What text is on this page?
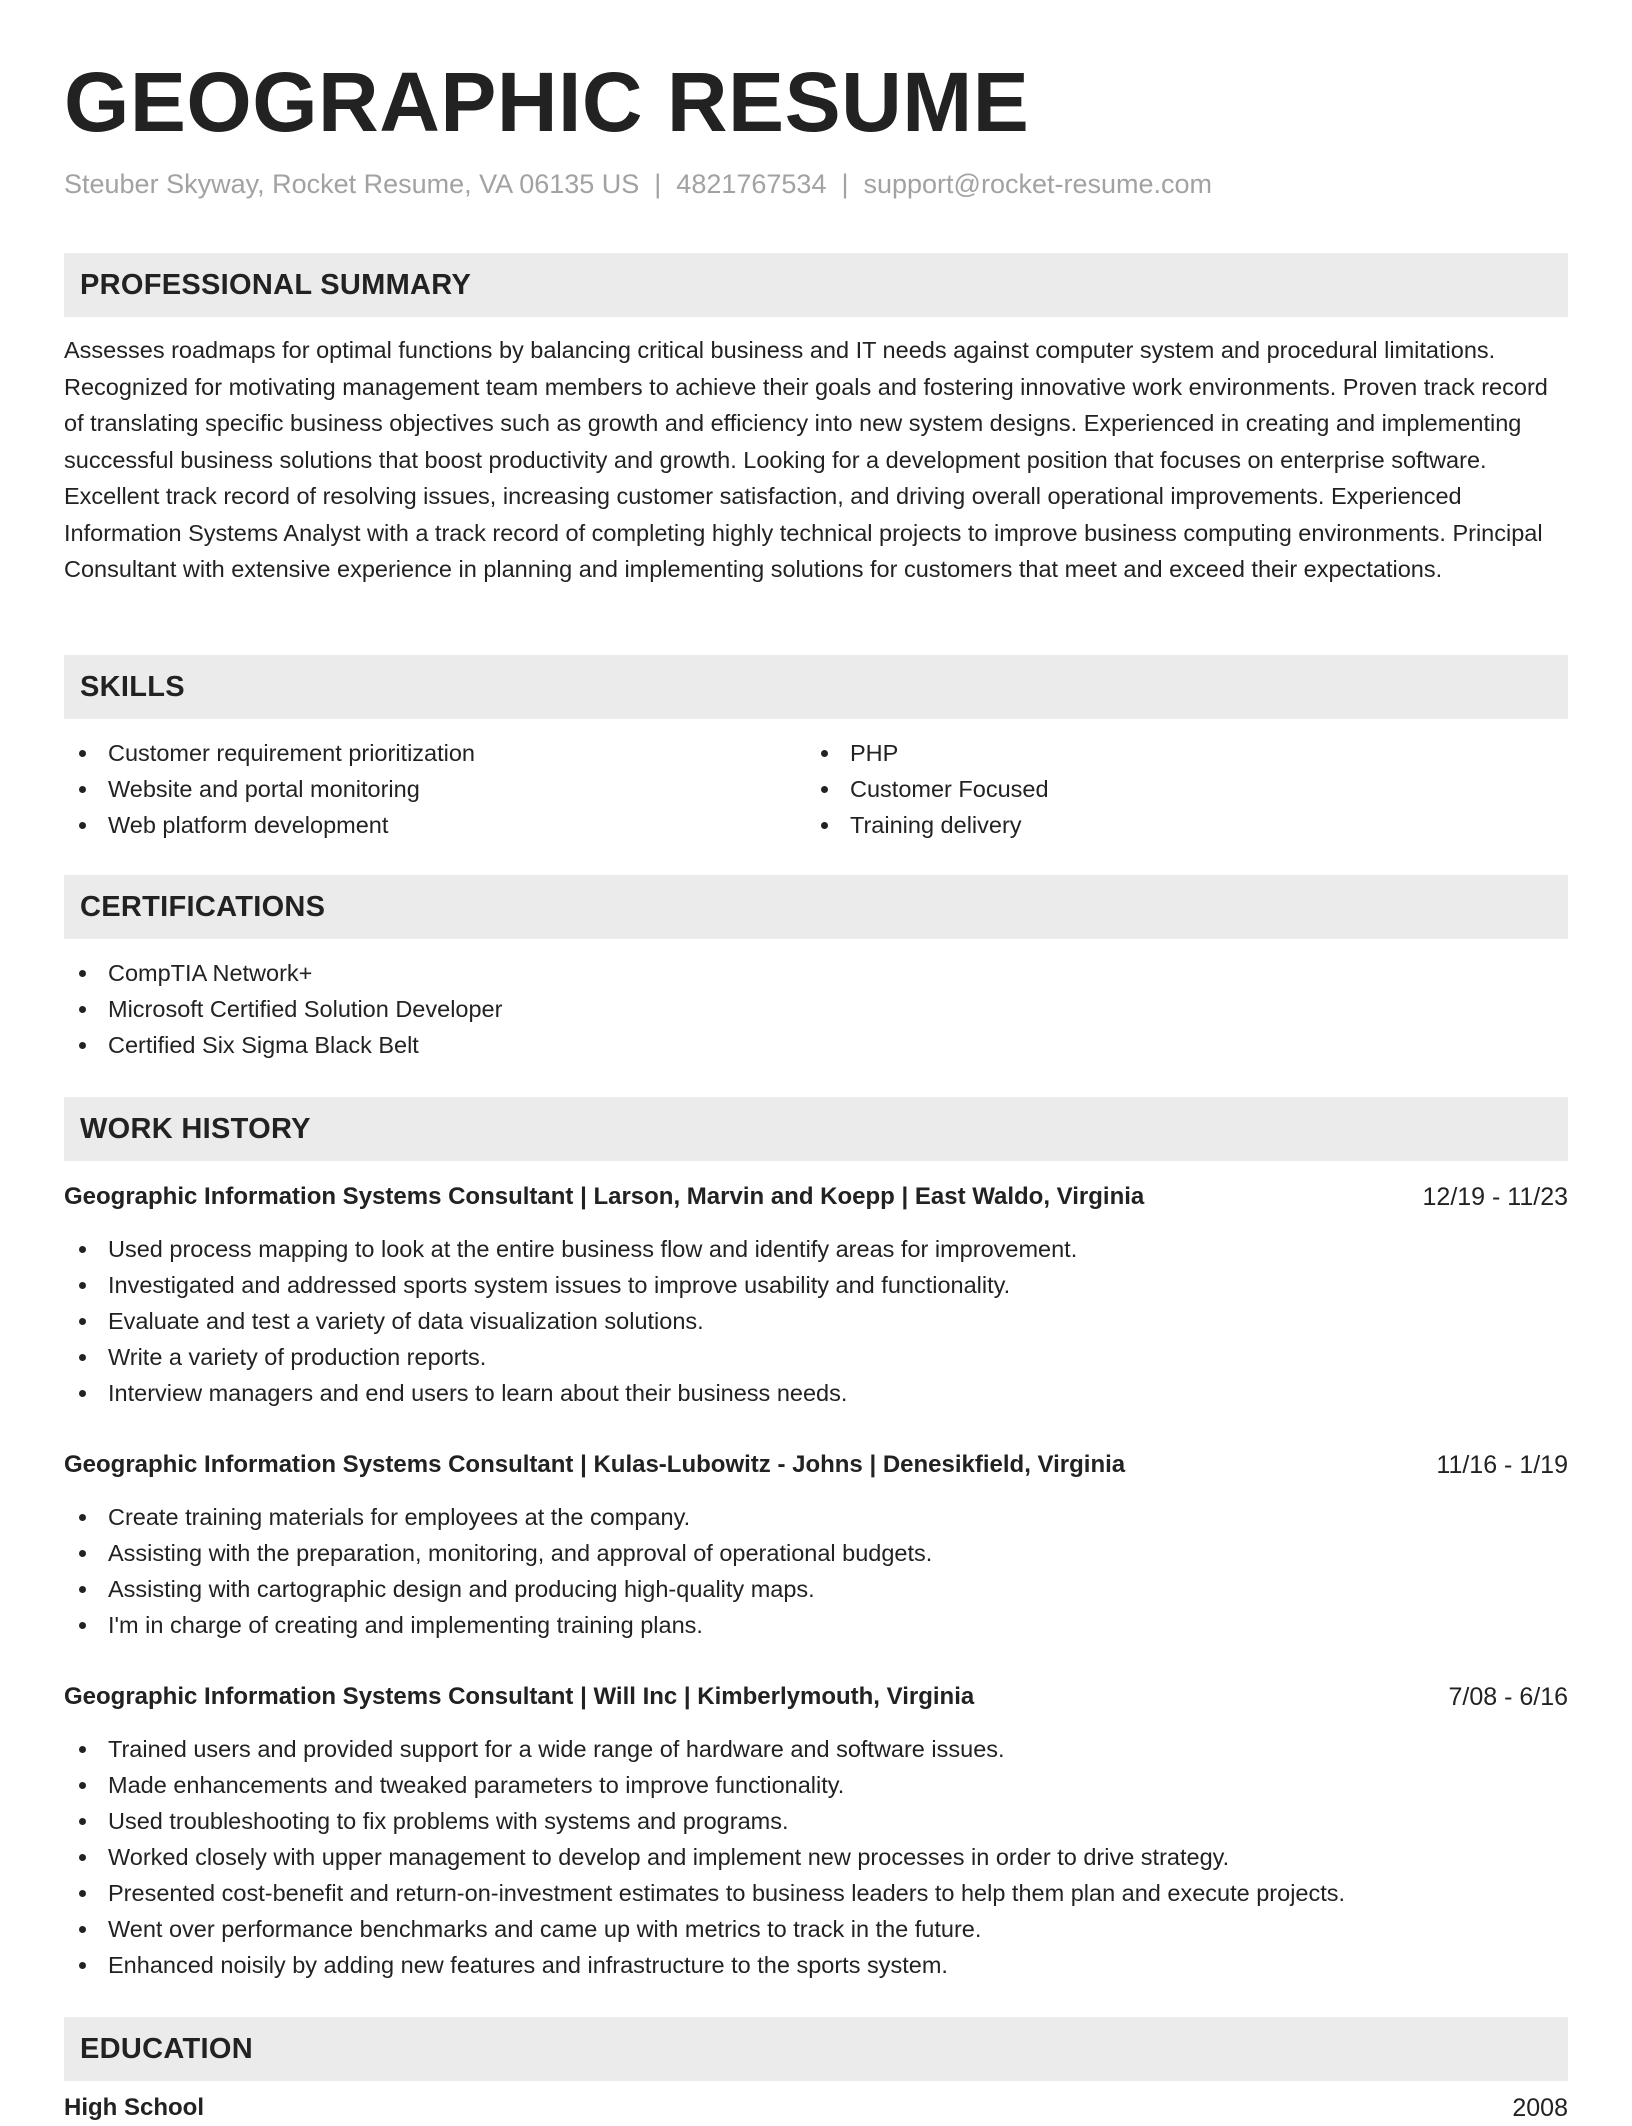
GEOGRAPHIC RESUME
Steuber Skyway, Rocket Resume, VA 06135 US | 4821767534 | support@rocket-resume.com
PROFESSIONAL SUMMARY

Assesses roadmaps for optimal functions by balancing critical business and IT needs against computer system and procedural limitations. Recognized for motivating management team members to achieve their goals and fostering innovative work environments. Proven track record of translating specific business objectives such as growth and efficiency into new system designs. Experienced in creating and implementing successful business solutions that boost productivity and growth. Looking for a development position that focuses on enterprise software. Excellent track record of resolving issues, increasing customer satisfaction, and driving overall operational improvements. Experienced Information Systems Analyst with a track record of completing highly technical projects to improve business computing environments. Principal Consultant with extensive experience in planning and implementing solutions for customers that meet and exceed their expectations.

SKILLS
Customer requirement prioritization
Website and portal monitoring
Web platform development
PHP
Customer Focused
Training delivery
CERTIFICATIONS
CompTIA Network+
Microsoft Certified Solution Developer
Certified Six Sigma Black Belt
WORK HISTORY
Geographic Information Systems Consultant | Larson, Marvin and Koepp | East Waldo, Virginia	12/19 - 11/23
Used process mapping to look at the entire business flow and identify areas for improvement.
Investigated and addressed sports system issues to improve usability and functionality.
Evaluate and test a variety of data visualization solutions.
Write a variety of production reports.
Interview managers and end users to learn about their business needs.
Geographic Information Systems Consultant | Kulas-Lubowitz - Johns | Denesikfield, Virginia	11/16 - 1/19
Create training materials for employees at the company.
Assisting with the preparation, monitoring, and approval of operational budgets.
Assisting with cartographic design and producing high-quality maps.
I'm in charge of creating and implementing training plans.
Geographic Information Systems Consultant | Will Inc | Kimberlymouth, Virginia	7/08 - 6/16
Trained users and provided support for a wide range of hardware and software issues.
Made enhancements and tweaked parameters to improve functionality.
Used troubleshooting to fix problems with systems and programs.
Worked closely with upper management to develop and implement new processes in order to drive strategy.
Presented cost-benefit and return-on-investment estimates to business leaders to help them plan and execute projects.
Went over performance benchmarks and came up with metrics to track in the future.
Enhanced noisily by adding new features and infrastructure to the sports system.
EDUCATION
High School	2008
